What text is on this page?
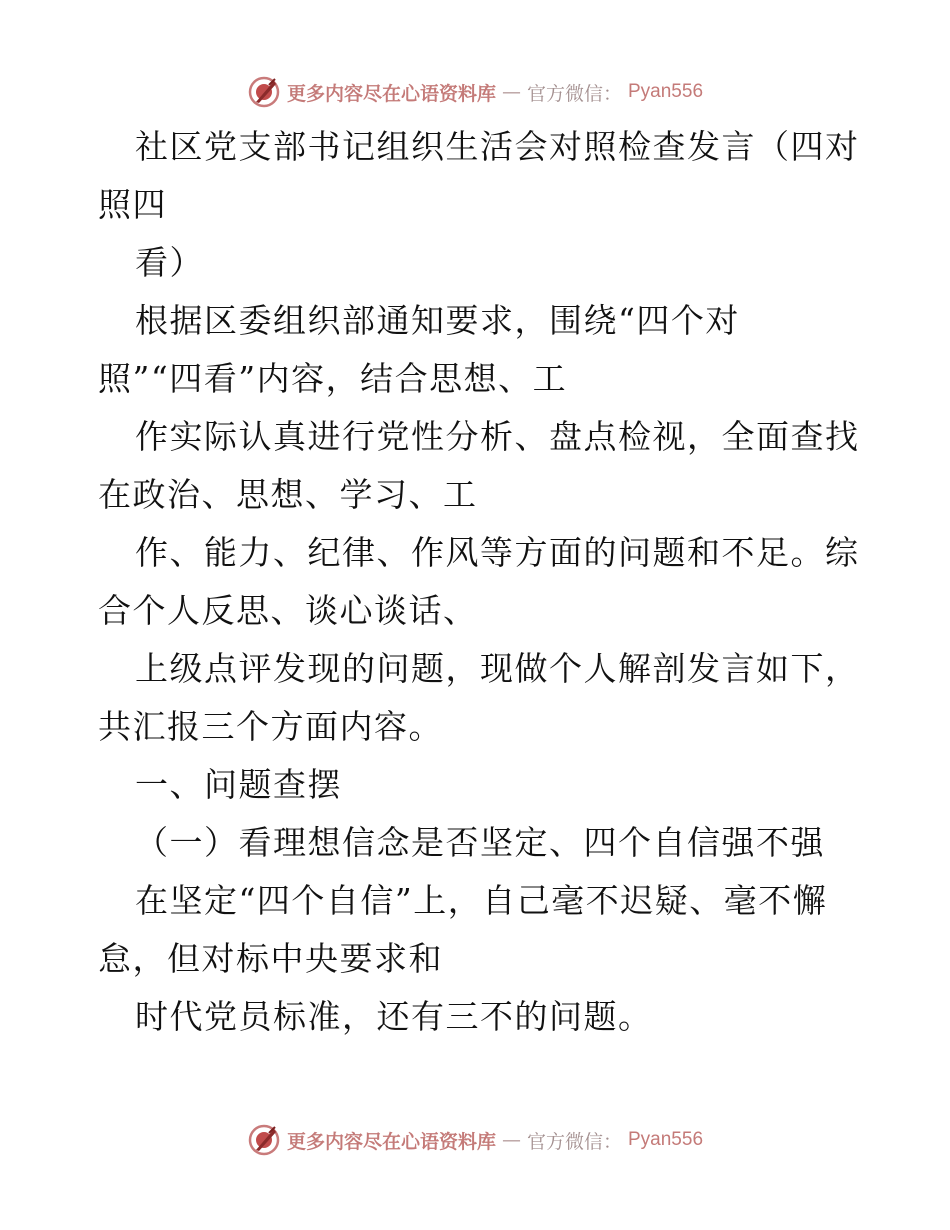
更多内容尽在心语资料库 — 官方微信： Pyan556
社区党支部书记组织生活会对照检查发言（四对
照四
看）
根据区委组织部通知要求，围绕“四个对
照”“四看”内容，结合思想、工
作实际认真进行党性分析、盘点检视，全面查找
在政治、思想、学习、工
作、能力、纪律、作风等方面的问题和不足。综
合个人反思、谈心谈话、
上级点评发现的问题，现做个人解剖发言如下，
共汇报三个方面内容。
一、问题查摆
（一）看理想信念是否坚定、四个自信强不强
在坚定“四个自信”上，自己毫不迟疑、毫不懈
怠，但对标中央要求和
时代党员标准，还有三不的问题。
更多内容尽在心语资料库 — 官方微信： Pyan556
